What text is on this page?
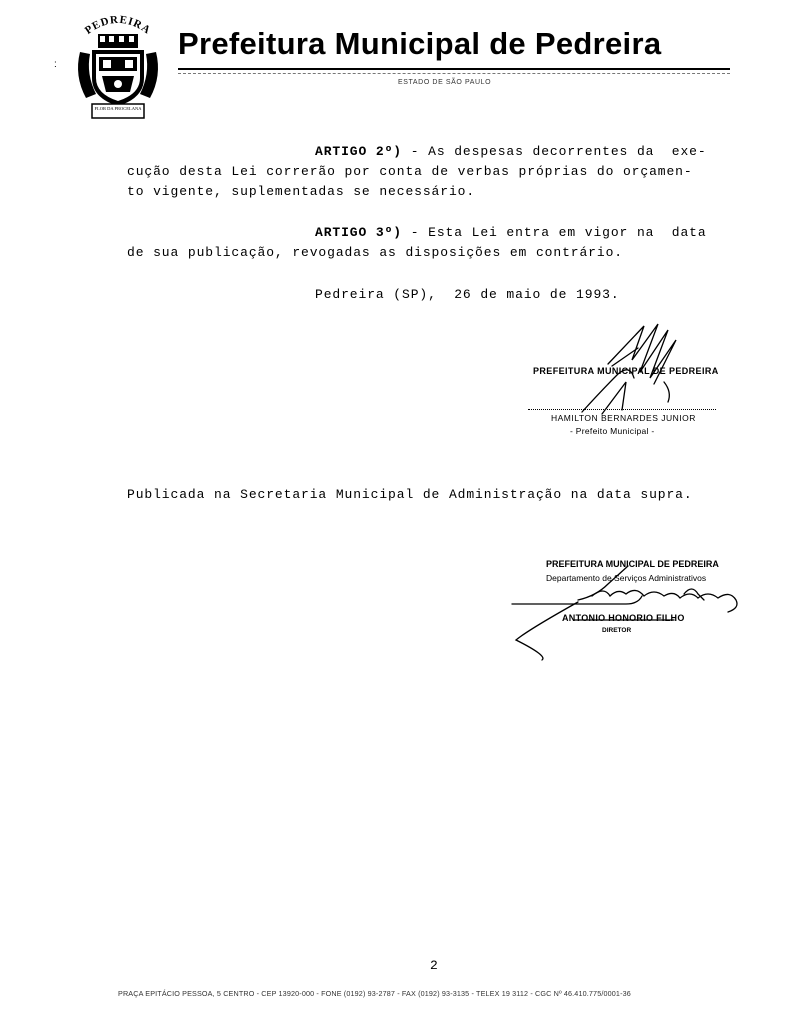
PEDREIRA
FLOR DA PROCELANA
:
Prefeitura Municipal de Pedreira
ESTADO DE SÃO PAULO
ARTIGO 2º) - As despesas decorrentes da  exe-
cução desta Lei correrão por conta de verbas próprias do orçamen-
to vigente, suplementadas se necessário.
ARTIGO 3º) - Esta Lei entra em vigor na  data
de sua publicação, revogadas as disposições em contrário.
Pedreira (SP),  26 de maio de 1993.
PREFEITURA MUNICIPAL DE PEDREIRA
HAMILTON BERNARDES JUNIOR
- Prefeito Municipal -
Publicada na Secretaria Municipal de Administração na data supra.
PREFEITURA MUNICIPAL DE PEDREIRA
Departamento de Serviços Administrativos
ANTONIO HONORIO FILHO
DIRETOR
2
PRAÇA EPITÁCIO PESSOA, 5 CENTRO - CEP 13920-000 - FONE (0192) 93-2787 - FAX (0192) 93-3135 - TELEX 19 3112 - CGC Nº 46.410.775/0001-36
